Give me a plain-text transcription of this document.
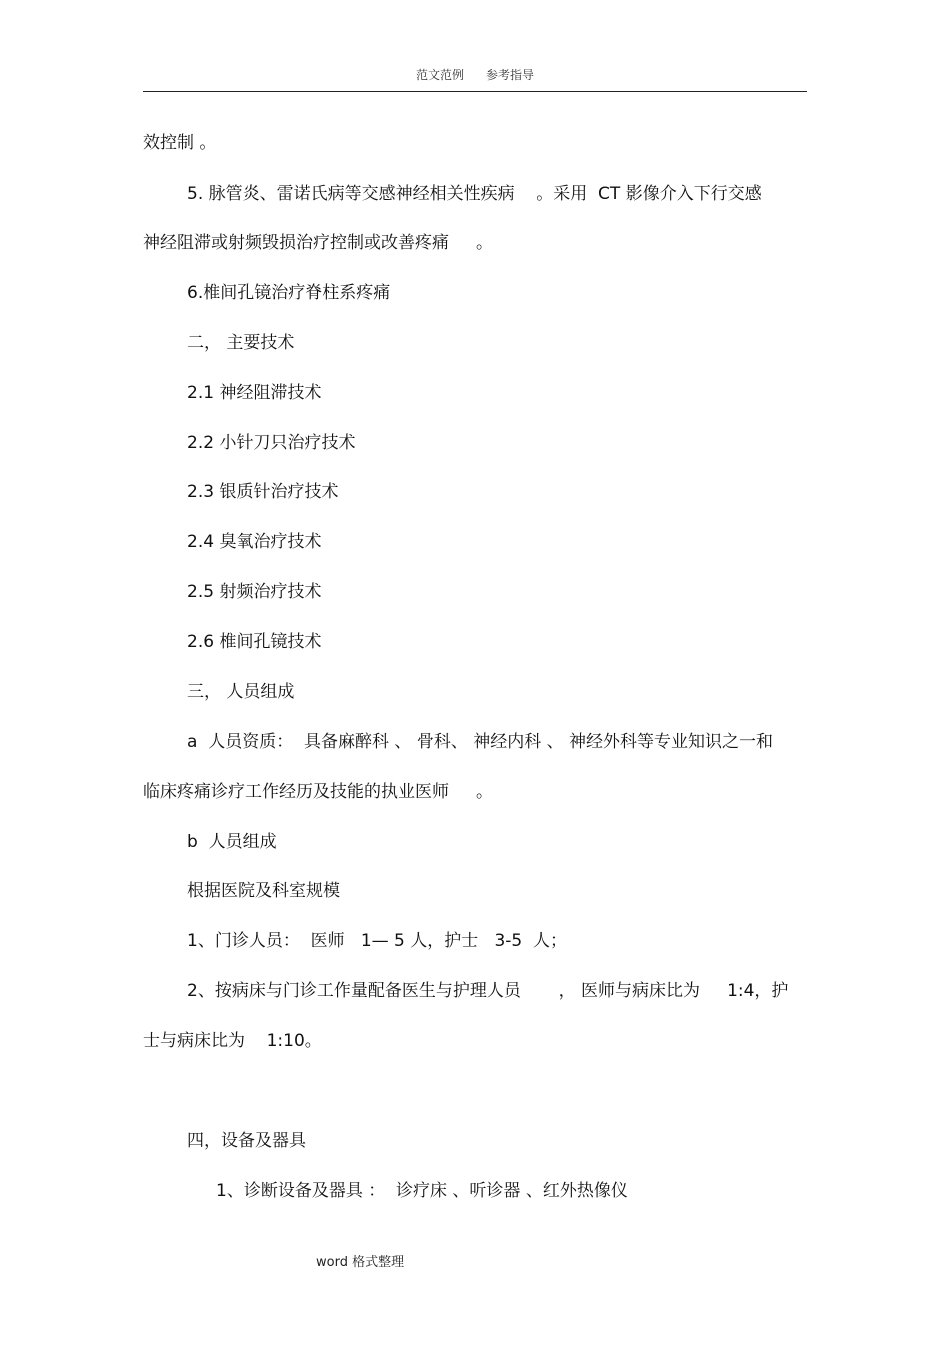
范文范例 参考指导
效控制 。
5. 脉管炎、雷诺氏病等交感神经相关性疾病    。采用  CT 影像介入下行交感
神经阻滞或射频毁损治疗控制或改善疼痛     。
6.椎间孔镜治疗脊柱系疼痛
二， 主要技术
2.1 神经阻滞技术
2.2 小针刀只治疗技术
2.3 银质针治疗技术
2.4 臭氧治疗技术
2.5 射频治疗技术
2.6 椎间孔镜技术
三， 人员组成
a  人员资质：  具备麻醉科 、 骨科、 神经内科 、 神经外科等专业知识之一和
临床疼痛诊疗工作经历及技能的执业医师     。
b  人员组成
根据医院及科室规模
1、门诊人员：  医师   1— 5 人，护士   3-5  人；
2、按病床与门诊工作量配备医生与护理人员       ， 医师与病床比为     1:4，护
士与病床比为    1:10。
四，设备及器具
1、诊断设备及器具 ：  诊疗床 、听诊器 、红外热像仪
word 格式整理
